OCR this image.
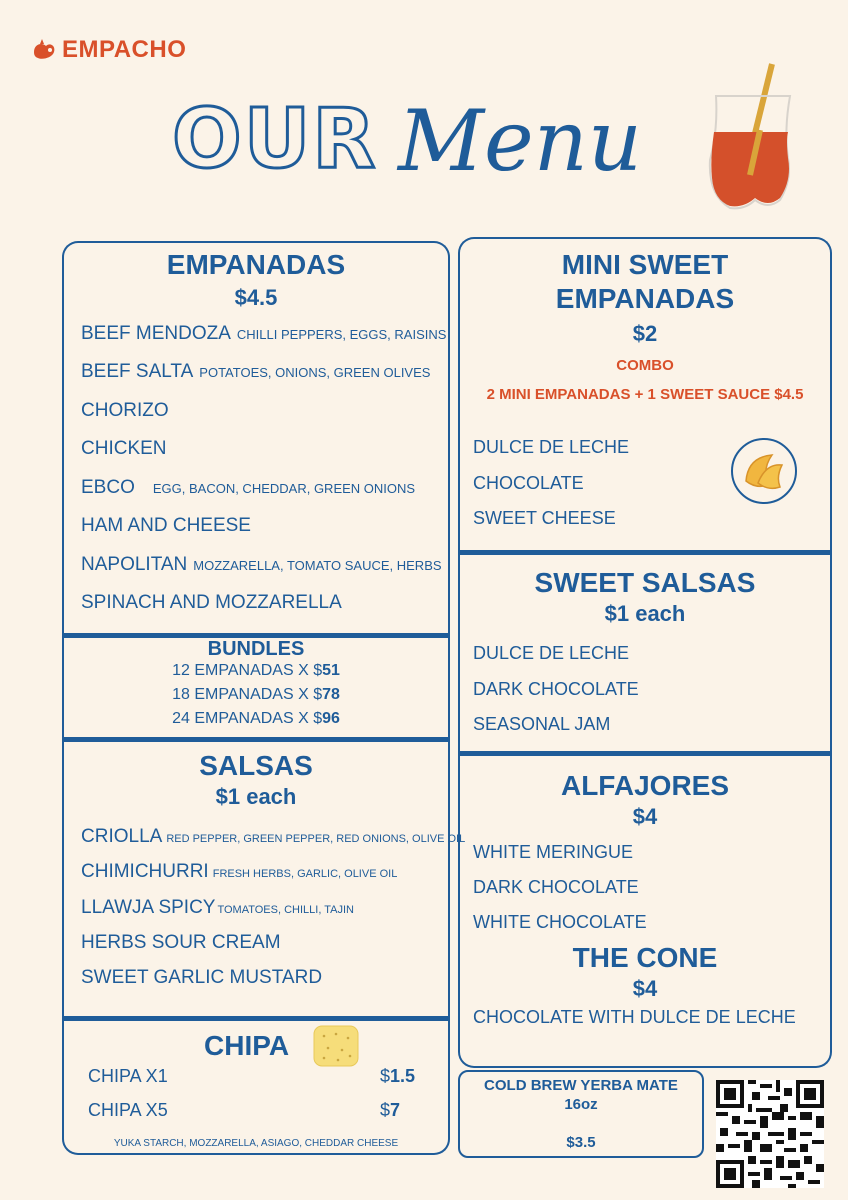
EMPACHO
OUR Menu
EMPANADAS
$4.5
BEEF MENDOZA CHILLI PEPPERS, EGGS, RAISINS
BEEF SALTA POTATOES, ONIONS, GREEN OLIVES
CHORIZO
CHICKEN
EBCO EGG, BACON, CHEDDAR, GREEN ONIONS
HAM AND CHEESE
NAPOLITAN MOZZARELLA, TOMATO SAUCE, HERBS
SPINACH AND MOZZARELLA
BUNDLES
12 EMPANADAS X $51
18 EMPANADAS X $78
24 EMPANADAS X $96
SALSAS
$1 each
CRIOLLA RED PEPPER, GREEN PEPPER, RED ONIONS, OLIVE OIL
CHIMICHURRI FRESH HERBS, GARLIC, OLIVE OIL
LLAWJA SPICY TOMATOES, CHILLI, TAJIN
HERBS SOUR CREAM
SWEET GARLIC MUSTARD
CHIPA
CHIPA X1	$1.5
CHIPA X5	$7
YUKA STARCH, MOZZARELLA, ASIAGO, CHEDDAR CHEESE
MINI SWEET
EMPANADAS
$2
COMBO
2 MINI EMPANADAS + 1 SWEET SAUCE $4.5
DULCE DE LECHE
CHOCOLATE
SWEET CHEESE
SWEET SALSAS
$1 each
DULCE DE LECHE
DARK CHOCOLATE
SEASONAL JAM
ALFAJORES
$4
WHITE MERINGUE
DARK CHOCOLATE
WHITE CHOCOLATE
THE CONE
$4
CHOCOLATE WITH DULCE DE LECHE
COLD BREW YERBA MATE
16oz
$3.5
